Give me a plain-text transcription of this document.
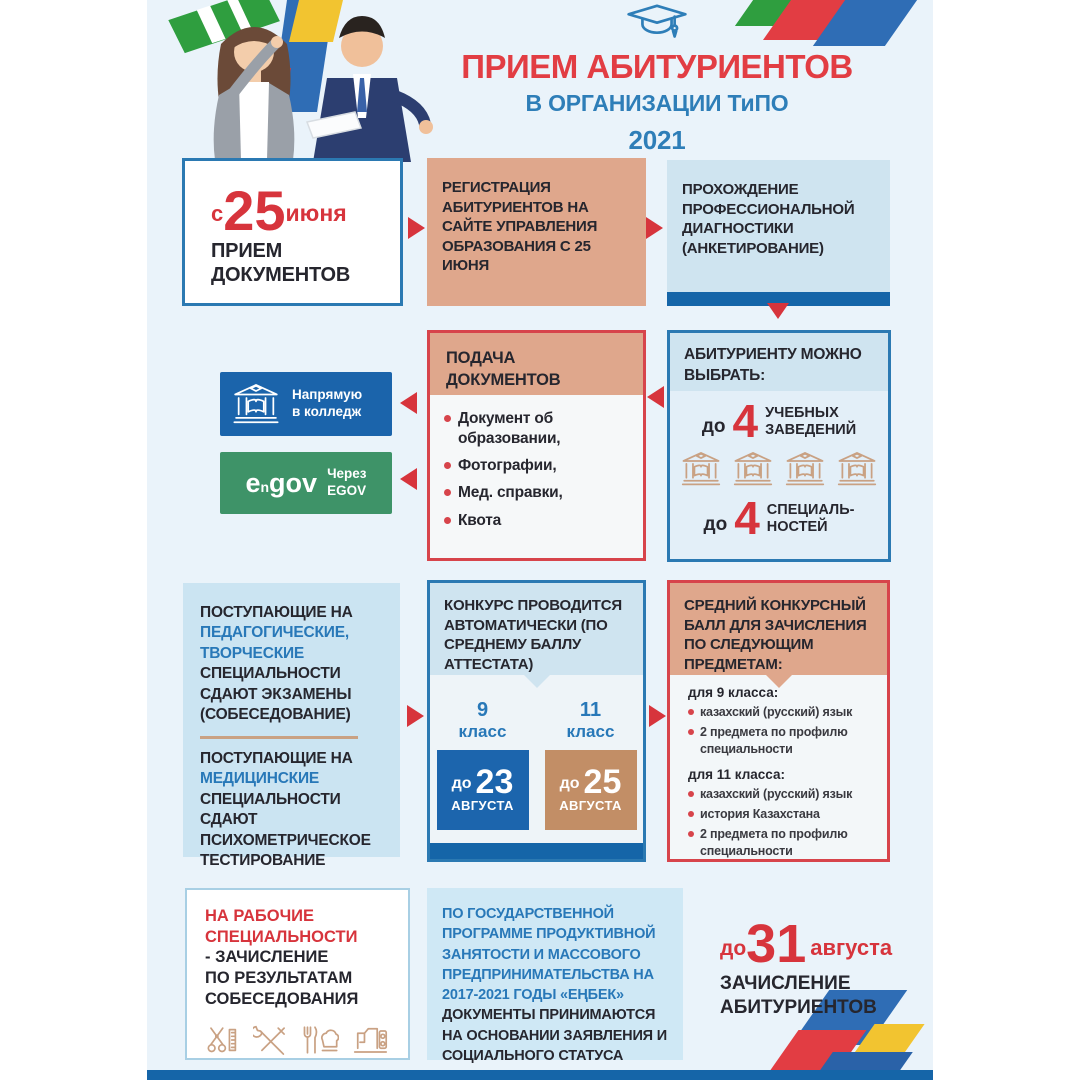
ПРИЕМ АБИТУРИЕНТОВ
В ОРГАНИЗАЦИИ ТиПО
2021
с 25 июня
ПРИЕМ
ДОКУМЕНТОВ
РЕГИСТРАЦИЯ АБИТУРИЕНТОВ НА САЙТЕ УПРАВЛЕНИЯ ОБРАЗОВАНИЯ С 25 ИЮНЯ
ПРОХОЖДЕНИЕ ПРОФЕССИОНАЛЬНОЙ ДИАГНОСТИКИ (АНКЕТИРОВАНИЕ)
Напрямую
в колледж
engov Через
EGOV
ПОДАЧА ДОКУМЕНТОВ
Документ об образовании,
Фотографии,
Мед. справки,
Квота
АБИТУРИЕНТУ МОЖНО ВЫБРАТЬ:
до 4 УЧЕБНЫХ
ЗАВЕДЕНИЙ
до 4 СПЕЦИАЛЬ-
НОСТЕЙ
ПОСТУПАЮЩИЕ НА ПЕДАГОГИЧЕСКИЕ, ТВОРЧЕСКИЕ СПЕЦИАЛЬНОСТИ СДАЮТ ЭКЗАМЕНЫ (СОБЕСЕДОВАНИЕ)
ПОСТУПАЮЩИЕ НА МЕДИЦИНСКИЕ СПЕЦИАЛЬНОСТИ СДАЮТ ПСИХОМЕТРИЧЕСКОЕ ТЕСТИРОВАНИЕ
КОНКУРС ПРОВОДИТСЯ АВТОМАТИЧЕСКИ (ПО СРЕДНЕМУ БАЛЛУ АТТЕСТАТА)
9
класс
до 23
АВГУСТА
11
класс
до 25
АВГУСТА
СРЕДНИЙ КОНКУРСНЫЙ БАЛЛ ДЛЯ ЗАЧИСЛЕНИЯ ПО СЛЕДУЮЩИМ ПРЕДМЕТАМ:
для 9 класса:
казахский (русский) язык
2 предмета по профилю специальности
для 11 класса:
казахский (русский) язык
история Казахстана
2 предмета по профилю специальности
НА РАБОЧИЕ
СПЕЦИАЛЬНОСТИ
- ЗАЧИСЛЕНИЕ
ПО РЕЗУЛЬТАТАМ
СОБЕСЕДОВАНИЯ
ПО ГОСУДАРСТВЕННОЙ ПРОГРАММЕ ПРОДУКТИВНОЙ ЗАНЯТОСТИ И МАССОВОГО ПРЕДПРИНИМАТЕЛЬСТВА НА 2017-2021 ГОДЫ «ЕҢБЕК» ДОКУМЕНТЫ ПРИНИМАЮТСЯ НА ОСНОВАНИИ ЗАЯВЛЕНИЯ И СОЦИАЛЬНОГО СТАТУСА
до 31 августа
ЗАЧИСЛЕНИЕ
АБИТУРИЕНТОВ
